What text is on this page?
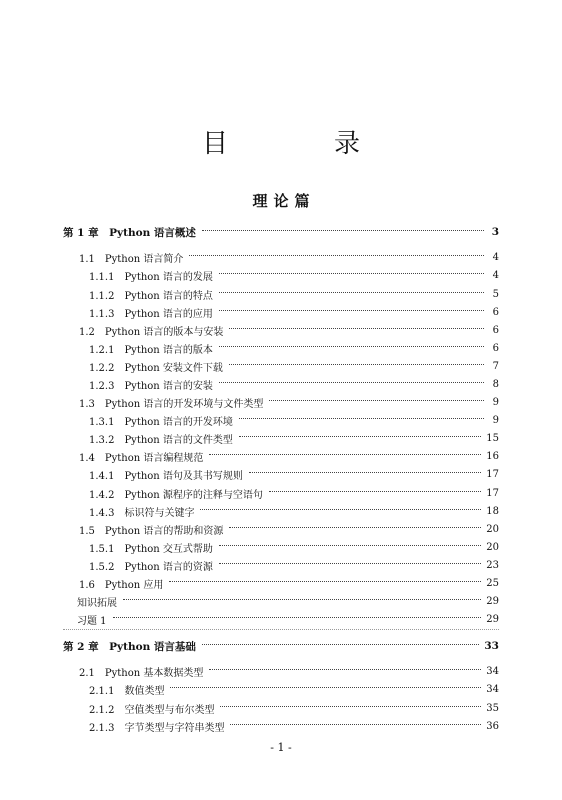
目　录
理论篇
第 1 章　Python 语言概述	3
1.1　Python 语言简介	4
1.1.1　Python 语言的发展	4
1.1.2　Python 语言的特点	5
1.1.3　Python 语言的应用	6
1.2　Python 语言的版本与安装	6
1.2.1　Python 语言的版本	6
1.2.2　Python 安装文件下载	7
1.2.3　Python 语言的安装	8
1.3　Python 语言的开发环境与文件类型	9
1.3.1　Python 语言的开发环境	9
1.3.2　Python 语言的文件类型	15
1.4　Python 语言编程规范	16
1.4.1　Python 语句及其书写规则	17
1.4.2　Python 源程序的注释与空语句	17
1.4.3　标识符与关键字	18
1.5　Python 语言的帮助和资源	20
1.5.1　Python 交互式帮助	20
1.5.2　Python 语言的资源	23
1.6　Python 应用	25
知识拓展	29
习题 1	29
第 2 章　Python 语言基础	33
2.1　Python 基本数据类型	34
2.1.1　数值类型	34
2.1.2　空值类型与布尔类型	35
2.1.3　字节类型与字符串类型	36
- 1 -
